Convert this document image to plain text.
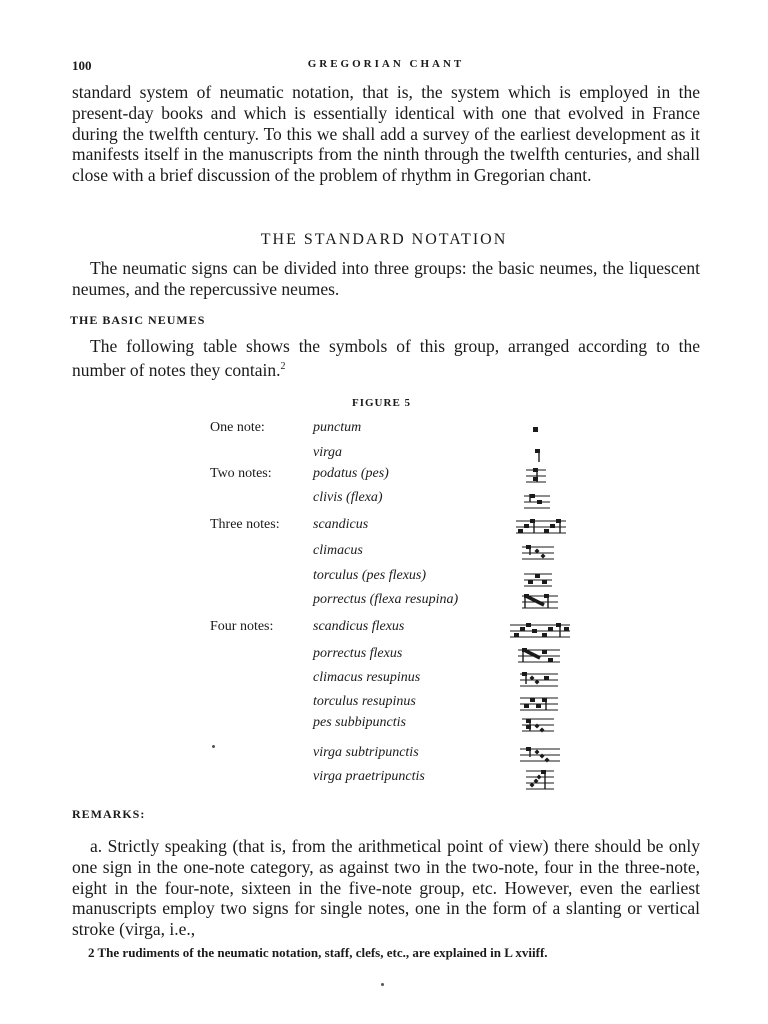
100	GREGORIAN CHANT
standard system of neumatic notation, that is, the system which is employed in the present-day books and which is essentially identical with one that evolved in France during the twelfth century. To this we shall add a survey of the earliest development as it manifests itself in the manuscripts from the ninth through the twelfth centuries, and shall close with a brief discussion of the problem of rhythm in Gregorian chant.
THE STANDARD NOTATION
The neumatic signs can be divided into three groups: the basic neumes, the liquescent neumes, and the repercussive neumes.
THE BASIC NEUMES
The following table shows the symbols of this group, arranged according to the number of notes they contain.$^2$
FIGURE 5
One note:
Two notes:
Three notes:
Four notes:
punctum
virga
podatus (pes)
clivis (flexa)
scandicus
climacus
torculus (pes flexus)
porrectus (flexa resupina)
scandicus flexus
porrectus flexus
climacus resupinus
torculus resupinus
pes subbipunctis
virga subtripunctis
virga praetripunctis
REMARKS:
a. Strictly speaking (that is, from the arithmetical point of view) there should be only one sign in the one-note category, as against two in the two-note, four in the three-note, eight in the four-note, sixteen in the five-note group, etc. However, even the earliest manuscripts employ two signs for single notes, one in the form of a slanting or vertical stroke (virga, i.e.,
2 The rudiments of the neumatic notation, staff, clefs, etc., are explained in L xviiff.
